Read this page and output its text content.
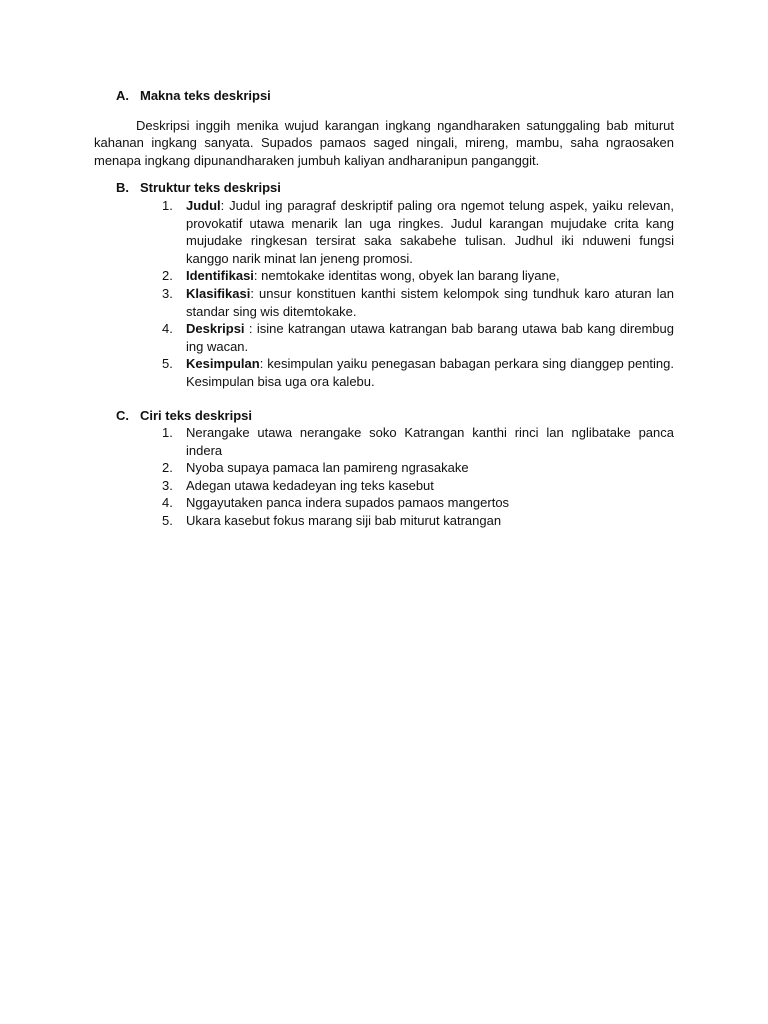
A. Makna teks deskripsi

Deskripsi inggih menika wujud karangan ingkang ngandharaken satunggaling bab miturut kahanan ingkang sanyata. Supados pamaos saged ningali, mireng, mambu, saha ngraosaken menapa ingkang dipunandharaken jumbuh kaliyan andharanipun panganggit.

B. Struktur teks deskripsi
1.	Judul: Judul ing paragraf deskriptif paling ora ngemot telung aspek, yaiku relevan, provokatif utawa menarik lan uga ringkes. Judul karangan mujudake crita kang mujudake ringkesan tersirat saka sakabehe tulisan. Judhul iki nduweni fungsi kanggo narik minat lan jeneng promosi.
2.	Identifikasi: nemtokake identitas wong, obyek lan barang liyane,
3.	Klasifikasi: unsur konstituen kanthi sistem kelompok sing tundhuk karo aturan lan standar sing wis ditemtokake.
4.	Deskripsi : isine katrangan utawa katrangan bab barang utawa bab kang dirembug ing wacan.
5.	Kesimpulan: kesimpulan yaiku penegasan babagan perkara sing dianggep penting. Kesimpulan bisa uga ora kalebu.
C. Ciri teks deskripsi
1.	Nerangake utawa nerangake soko Katrangan kanthi rinci lan nglibatake panca indera
2.	Nyoba supaya pamaca lan pamireng ngrasakake
3.	Adegan utawa kedadeyan ing teks kasebut
4.	Nggayutaken panca indera supados pamaos mangertos
5.	Ukara kasebut fokus marang siji bab miturut katrangan
